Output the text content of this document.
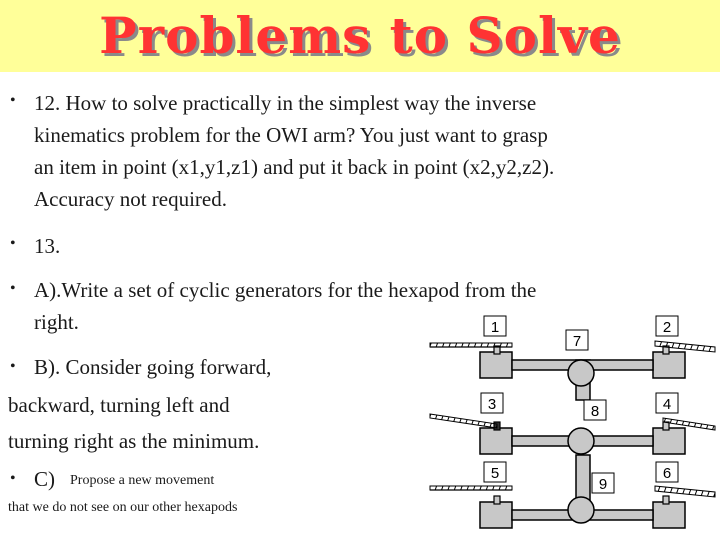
Problems to Solve
• 12. How to solve practically in the simplest way the inverse
kinematics problem for the OWI arm? You just want to grasp
an item in point (x1,y1,z1) and put it back in point (x2,y2,z2).
Accuracy not required.
• 13.
• A).Write a set of cyclic generators for the hexapod from the
right.
• B). Consider going forward,
backward, turning left and
turning right as the minimum.
• C) Propose a new movement
that we do not see on our other hexapods
1	2
3	4
5	6
7
8
9
